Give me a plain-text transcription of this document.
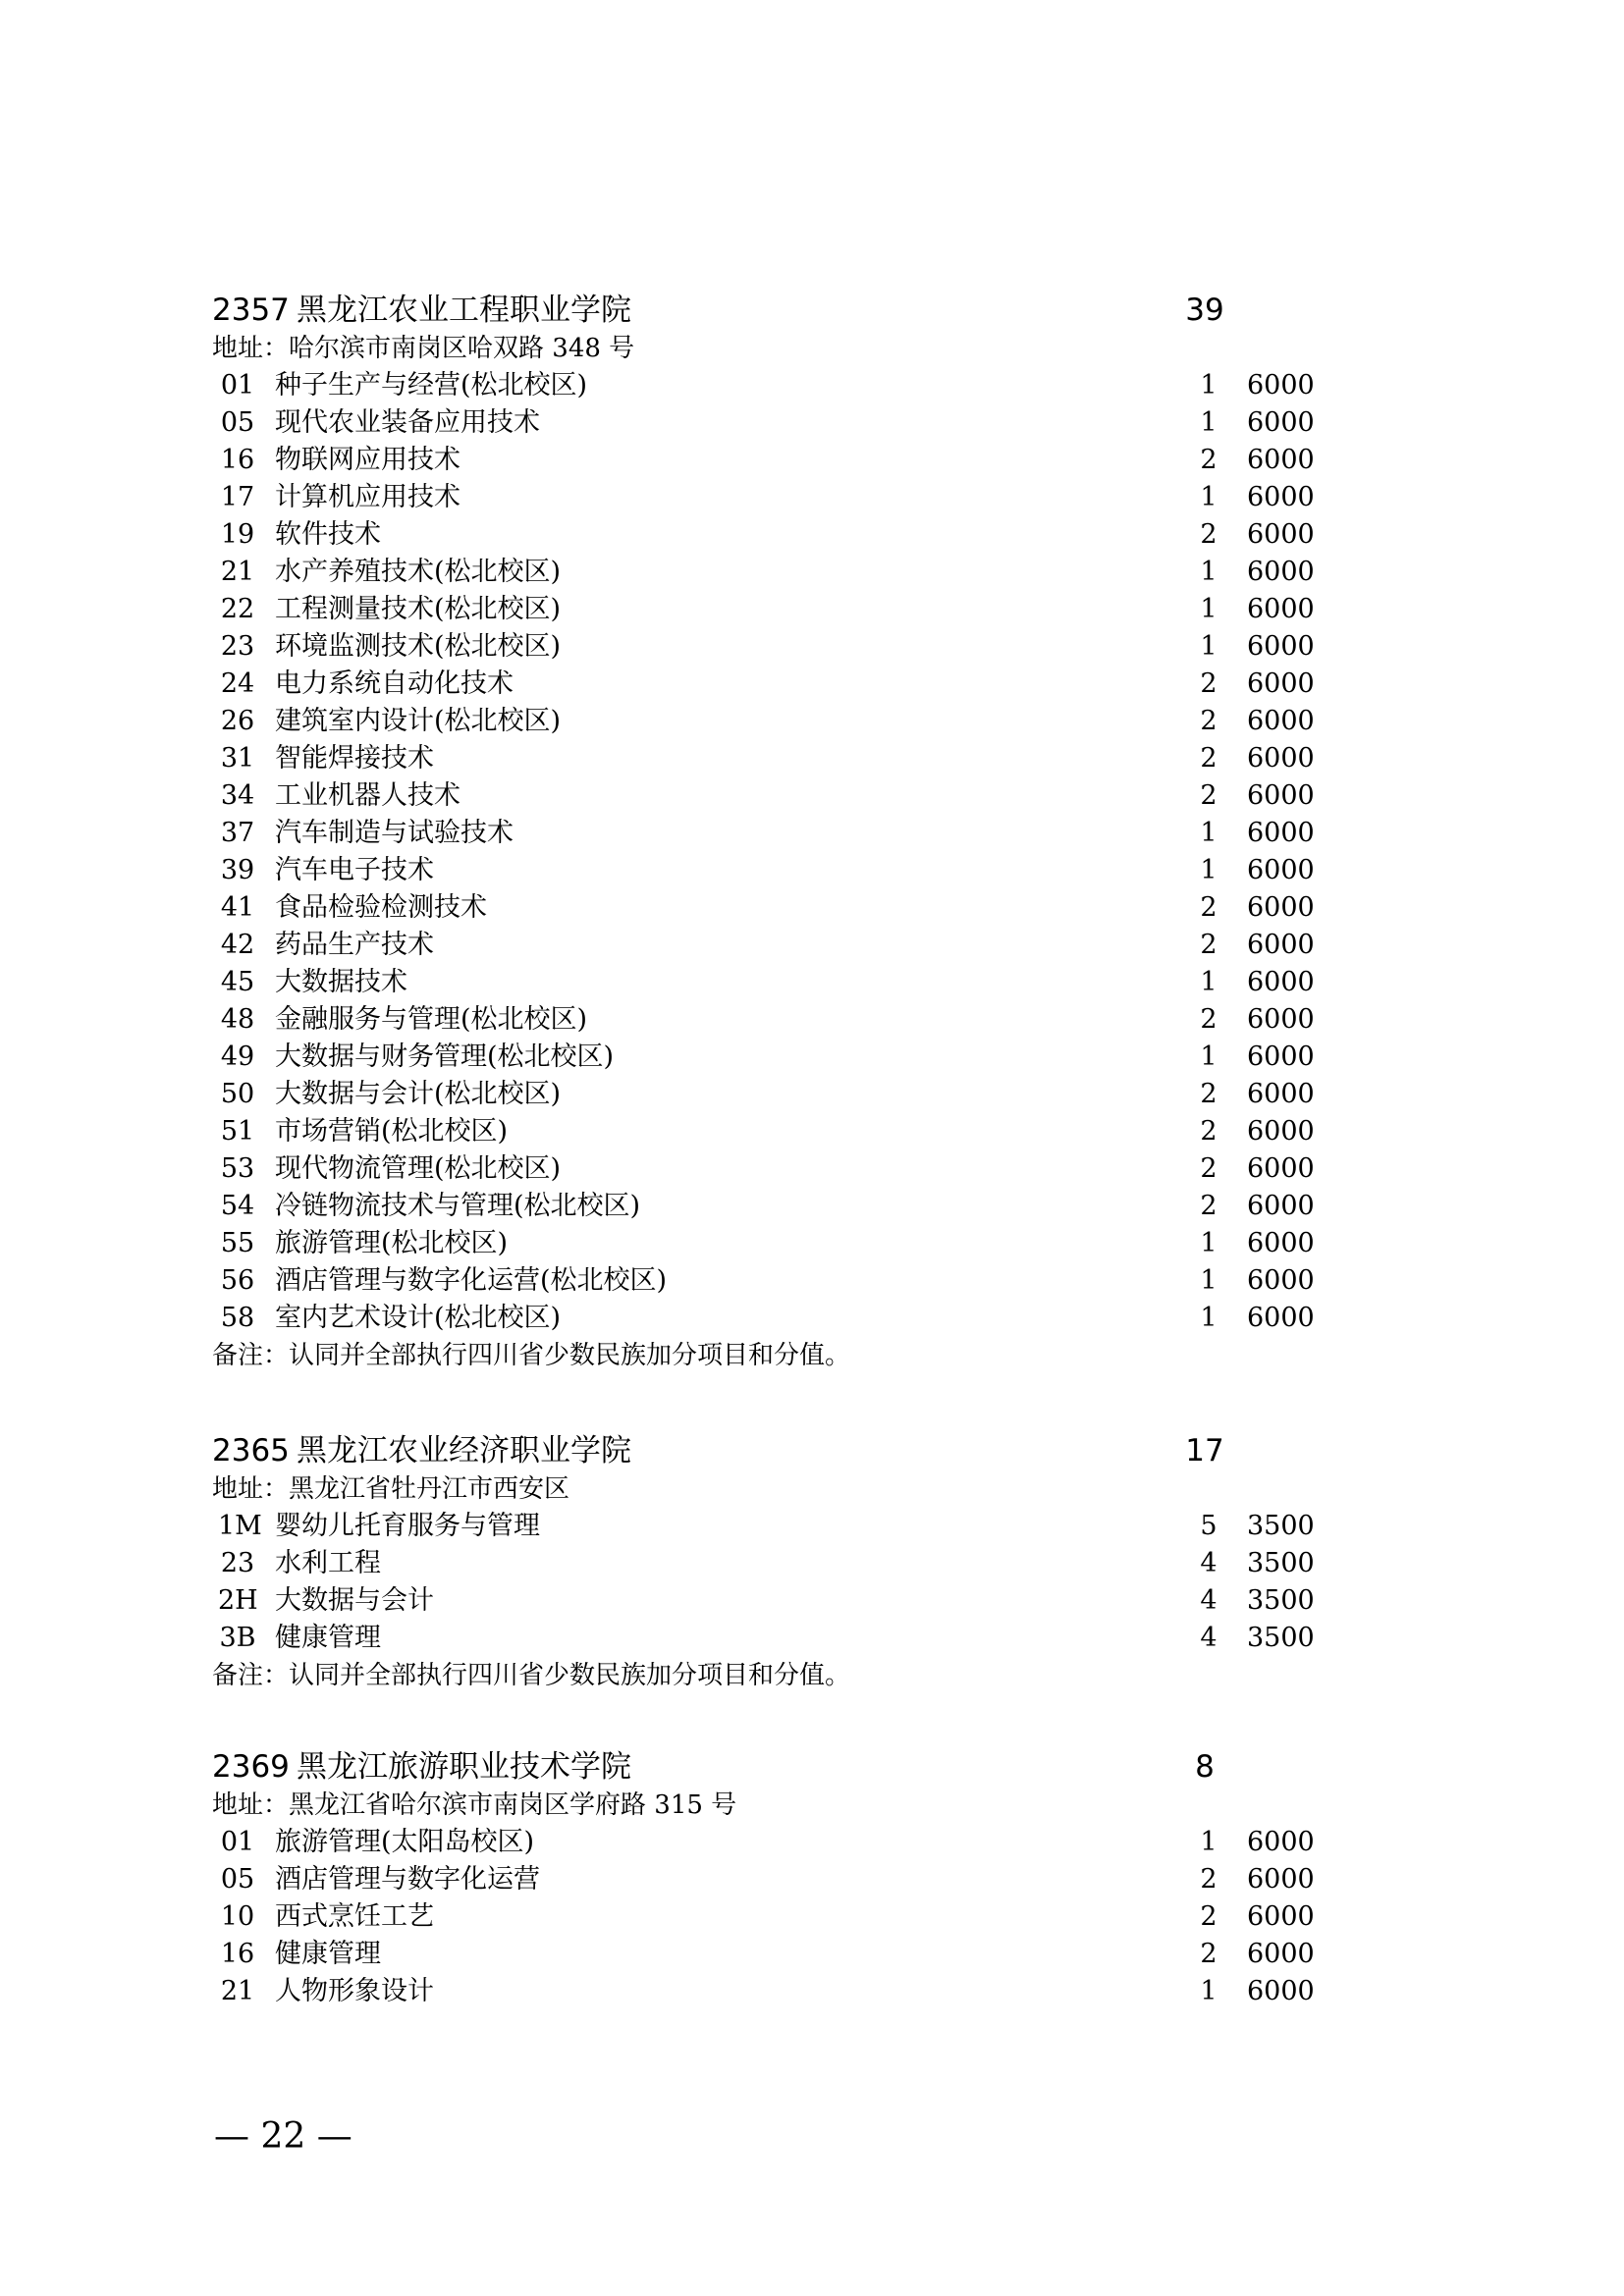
2357 黑龙江农业工程职业学院	39
地址：哈尔滨市南岗区哈双路 348 号
01 种子生产与经营(松北校区)	1 6000
05 现代农业装备应用技术	1 6000
16 物联网应用技术	2 6000
17 计算机应用技术	1 6000
19 软件技术	2 6000
21 水产养殖技术(松北校区)	1 6000
22 工程测量技术(松北校区)	1 6000
23 环境监测技术(松北校区)	1 6000
24 电力系统自动化技术	2 6000
26 建筑室内设计(松北校区)	2 6000
31 智能焊接技术	2 6000
34 工业机器人技术	2 6000
37 汽车制造与试验技术	1 6000
39 汽车电子技术	1 6000
41 食品检验检测技术	2 6000
42 药品生产技术	2 6000
45 大数据技术	1 6000
48 金融服务与管理(松北校区)	2 6000
49 大数据与财务管理(松北校区)	1 6000
50 大数据与会计(松北校区)	2 6000
51 市场营销(松北校区)	2 6000
53 现代物流管理(松北校区)	2 6000
54 冷链物流技术与管理(松北校区)	2 6000
55 旅游管理(松北校区)	1 6000
56 酒店管理与数字化运营(松北校区)	1 6000
58 室内艺术设计(松北校区)	1 6000
备注：认同并全部执行四川省少数民族加分项目和分值。
2365 黑龙江农业经济职业学院	17
地址：黑龙江省牡丹江市西安区
1M 婴幼儿托育服务与管理	5 3500
23 水利工程	4 3500
2H 大数据与会计	4 3500
3B 健康管理	4 3500
备注：认同并全部执行四川省少数民族加分项目和分值。
2369 黑龙江旅游职业技术学院	8
地址：黑龙江省哈尔滨市南岗区学府路 315 号
01 旅游管理(太阳岛校区)	1 6000
05 酒店管理与数字化运营	2 6000
10 西式烹饪工艺	2 6000
16 健康管理	2 6000
21 人物形象设计	1 6000
— 22 —
